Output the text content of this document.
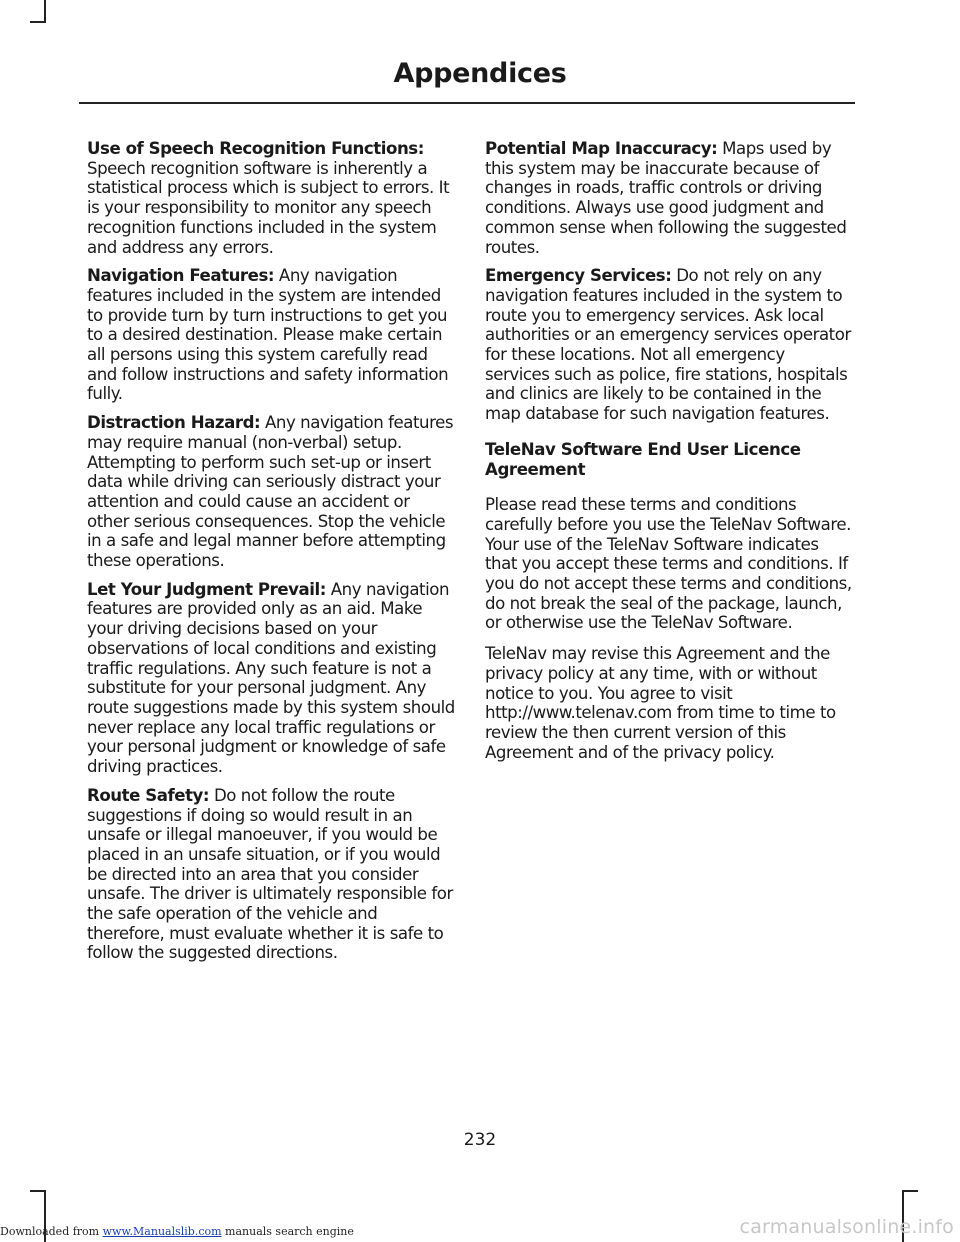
Appendices

Use of Speech Recognition Functions: Speech recognition software is inherently a statistical process which is subject to errors. It is your responsibility to monitor any speech recognition functions included in the system and address any errors.

Navigation Features: Any navigation features included in the system are intended to provide turn by turn instructions to get you to a desired destination. Please make certain all persons using this system carefully read and follow instructions and safety information fully.

Distraction Hazard: Any navigation features may require manual (non-verbal) setup. Attempting to perform such set-up or insert data while driving can seriously distract your attention and could cause an accident or other serious consequences. Stop the vehicle in a safe and legal manner before attempting these operations.

Let Your Judgment Prevail: Any navigation features are provided only as an aid. Make your driving decisions based on your observations of local conditions and existing traffic regulations. Any such feature is not a substitute for your personal judgment. Any route suggestions made by this system should never replace any local traffic regulations or your personal judgment or knowledge of safe driving practices.

Route Safety: Do not follow the route suggestions if doing so would result in an unsafe or illegal manoeuver, if you would be placed in an unsafe situation, or if you would be directed into an area that you consider unsafe. The driver is ultimately responsible for the safe operation of the vehicle and therefore, must evaluate whether it is safe to follow the suggested directions.

Potential Map Inaccuracy: Maps used by this system may be inaccurate because of changes in roads, traffic controls or driving conditions. Always use good judgment and common sense when following the suggested routes.

Emergency Services: Do not rely on any navigation features included in the system to route you to emergency services. Ask local authorities or an emergency services operator for these locations. Not all emergency services such as police, fire stations, hospitals and clinics are likely to be contained in the map database for such navigation features.

TeleNav Software End User Licence Agreement

Please read these terms and conditions carefully before you use the TeleNav Software. Your use of the TeleNav Software indicates that you accept these terms and conditions. If you do not accept these terms and conditions, do not break the seal of the package, launch, or otherwise use the TeleNav Software.

TeleNav may revise this Agreement and the privacy policy at any time, with or without notice to you. You agree to visit http://www.telenav.com from time to time to review the then current version of this Agreement and of the privacy policy.

232
Downloaded from www.Manualslib.com manuals search engine	carmanualsonline.info
